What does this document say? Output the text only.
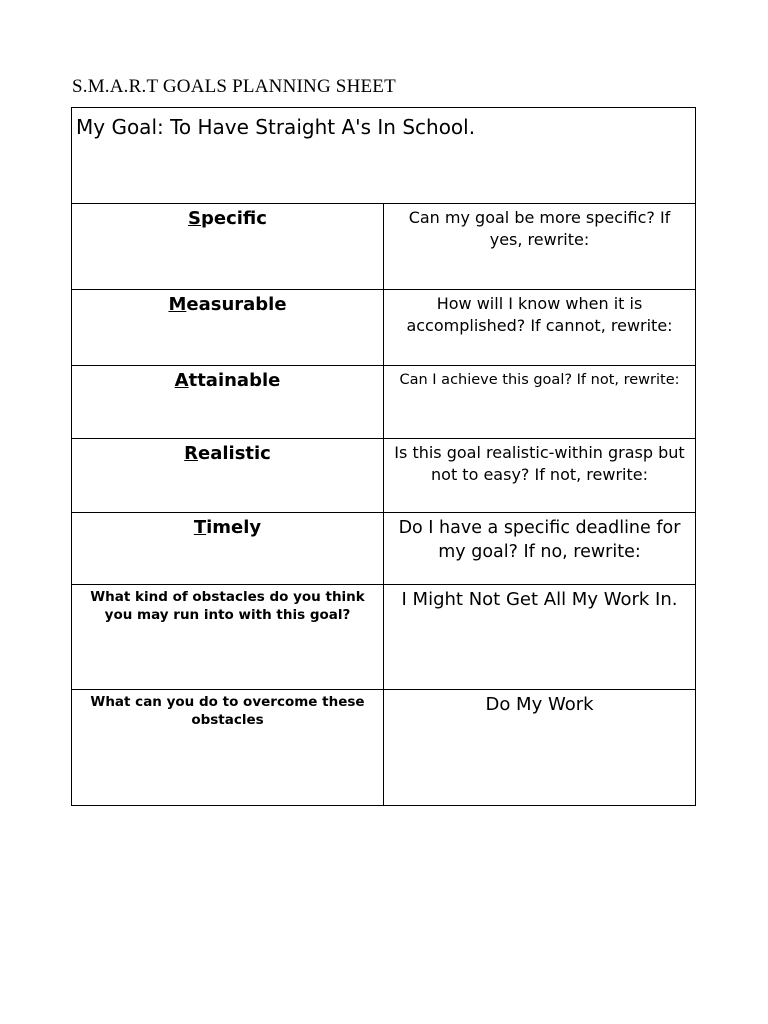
S.M.A.R.T GOALS PLANNING SHEET
My Goal: To Have Straight A's In School.	

Specific	Can my goal be more specific? If yes, rewrite:

Measurable	How will I know when it is accomplished? If cannot, rewrite:

Attainable	Can I achieve this goal? If not, rewrite:

Realistic	Is this goal realistic-within grasp but not to easy? If not, rewrite:

Timely	Do I have a specific deadline for my goal? If no, rewrite:

What kind of obstacles do you think you may run into with this goal?	I Might Not Get All My Work In.

What can you do to overcome these obstacles	Do My Work
